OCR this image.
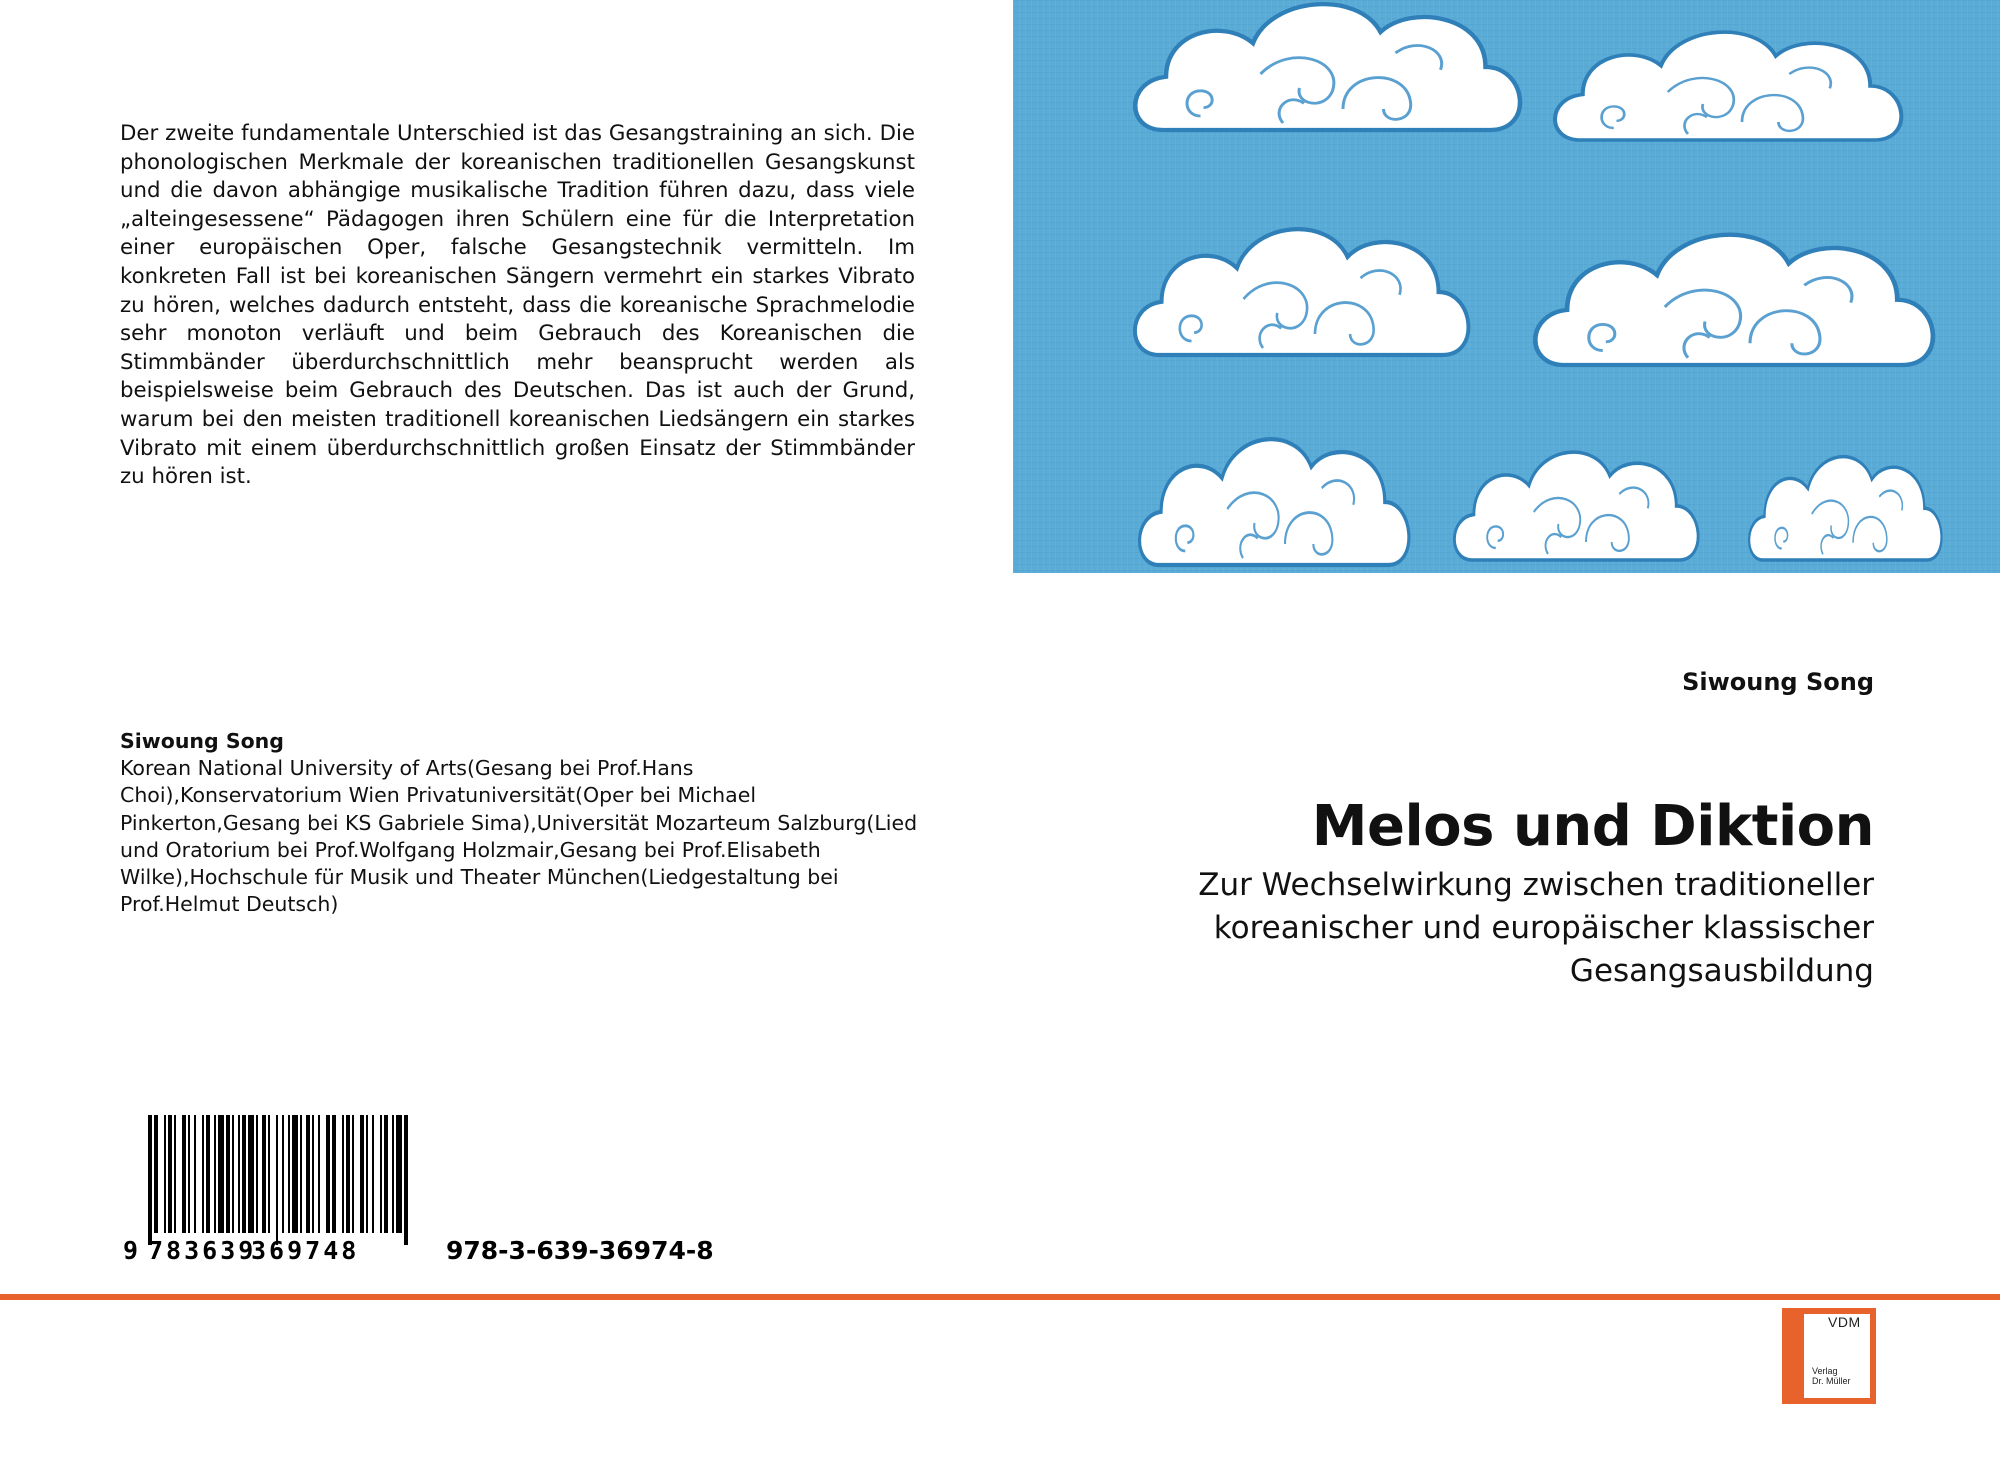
Der zweite fundamentale Unterschied ist das Gesangstraining an sich. Die phonologischen Merkmale der koreanischen traditionellen Gesangskunst und die davon abhängige musikalische Tradition führen dazu, dass viele „alteingesessene“ Pädagogen ihren Schülern eine für die Interpretation einer europäischen Oper, falsche Gesangstechnik vermitteln. Im konkreten Fall ist bei koreanischen Sängern vermehrt ein starkes Vibrato zu hören, welches dadurch entsteht, dass die koreanische Sprachmelodie sehr monoton verläuft und beim Gebrauch des Koreanischen die Stimmbänder überdurchschnittlich mehr beansprucht werden als beispielsweise beim Gebrauch des Deutschen. Das ist auch der Grund, warum bei den meisten traditionell koreanischen Liedsängern ein starkes Vibrato mit einem überdurchschnittlich großen Einsatz der Stimmbänder zu hören ist.

Siwoung Song
Korean National University of Arts(Gesang bei Prof.Hans Choi),Konservatorium Wien Privatuniversität(Oper bei Michael Pinkerton,Gesang bei KS Gabriele Sima),Universität Mozarteum Salzburg(Lied und Oratorium bei Prof.Wolfgang Holzmair,Gesang bei Prof.Elisabeth Wilke),Hochschule für Musik und Theater München(Liedgestaltung bei Prof.Helmut Deutsch)
9 783639
369748	978-3-639-36974-8
Siwoung Song
Melos und Diktion
Zur Wechselwirkung zwischen traditioneller
koreanischer und europäischer klassischer
Gesangsausbildung
VDM
Verlag
Dr. Müller
